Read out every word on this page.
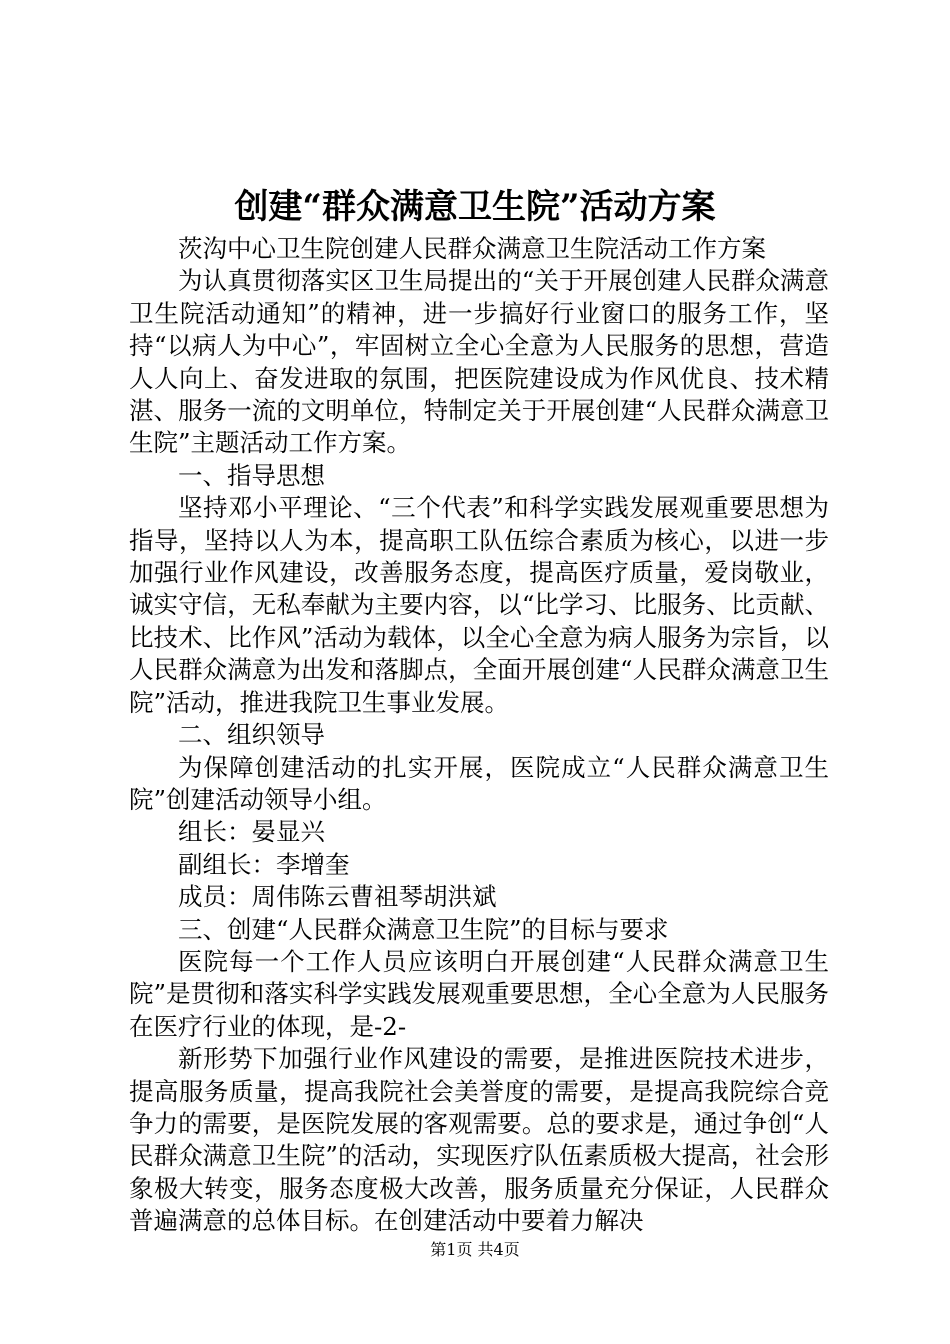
创建“群众满意卫生院”活动方案

茨沟中心卫生院创建人民群众满意卫生院活动工作方案

为认真贯彻落实区卫生局提出的“关于开展创建人民群众满意卫生院活动通知”的精神，进一步搞好行业窗口的服务工作，坚持“以病人为中心”，牢固树立全心全意为人民服务的思想，营造人人向上、奋发进取的氛围，把医院建设成为作风优良、技术精湛、服务一流的文明单位，特制定关于开展创建“人民群众满意卫生院”主题活动工作方案。

一、指导思想

坚持邓小平理论、“三个代表”和科学实践发展观重要思想为指导，坚持以人为本，提高职工队伍综合素质为核心，以进一步加强行业作风建设，改善服务态度，提高医疗质量，爱岗敬业，诚实守信，无私奉献为主要内容，以“比学习、比服务、比贡献、比技术、比作风”活动为载体，以全心全意为病人服务为宗旨，以人民群众满意为出发和落脚点，全面开展创建“人民群众满意卫生院”活动，推进我院卫生事业发展。

二、组织领导

为保障创建活动的扎实开展，医院成立“人民群众满意卫生院”创建活动领导小组。

组长：晏显兴

副组长：李增奎

成员：周伟陈云曹祖琴胡洪斌

三、创建“人民群众满意卫生院”的目标与要求

医院每一个工作人员应该明白开展创建“人民群众满意卫生院”是贯彻和落实科学实践发展观重要思想，全心全意为人民服务在医疗行业的体现，是-2-

新形势下加强行业作风建设的需要，是推进医院技术进步，提高服务质量，提高我院社会美誉度的需要，是提高我院综合竞争力的需要，是医院发展的客观需要。总的要求是，通过争创“人民群众满意卫生院”的活动，实现医疗队伍素质极大提高，社会形象极大转变，服务态度极大改善，服务质量充分保证，人民群众普遍满意的总体目标。在创建活动中要着力解决

第1页 共4页
